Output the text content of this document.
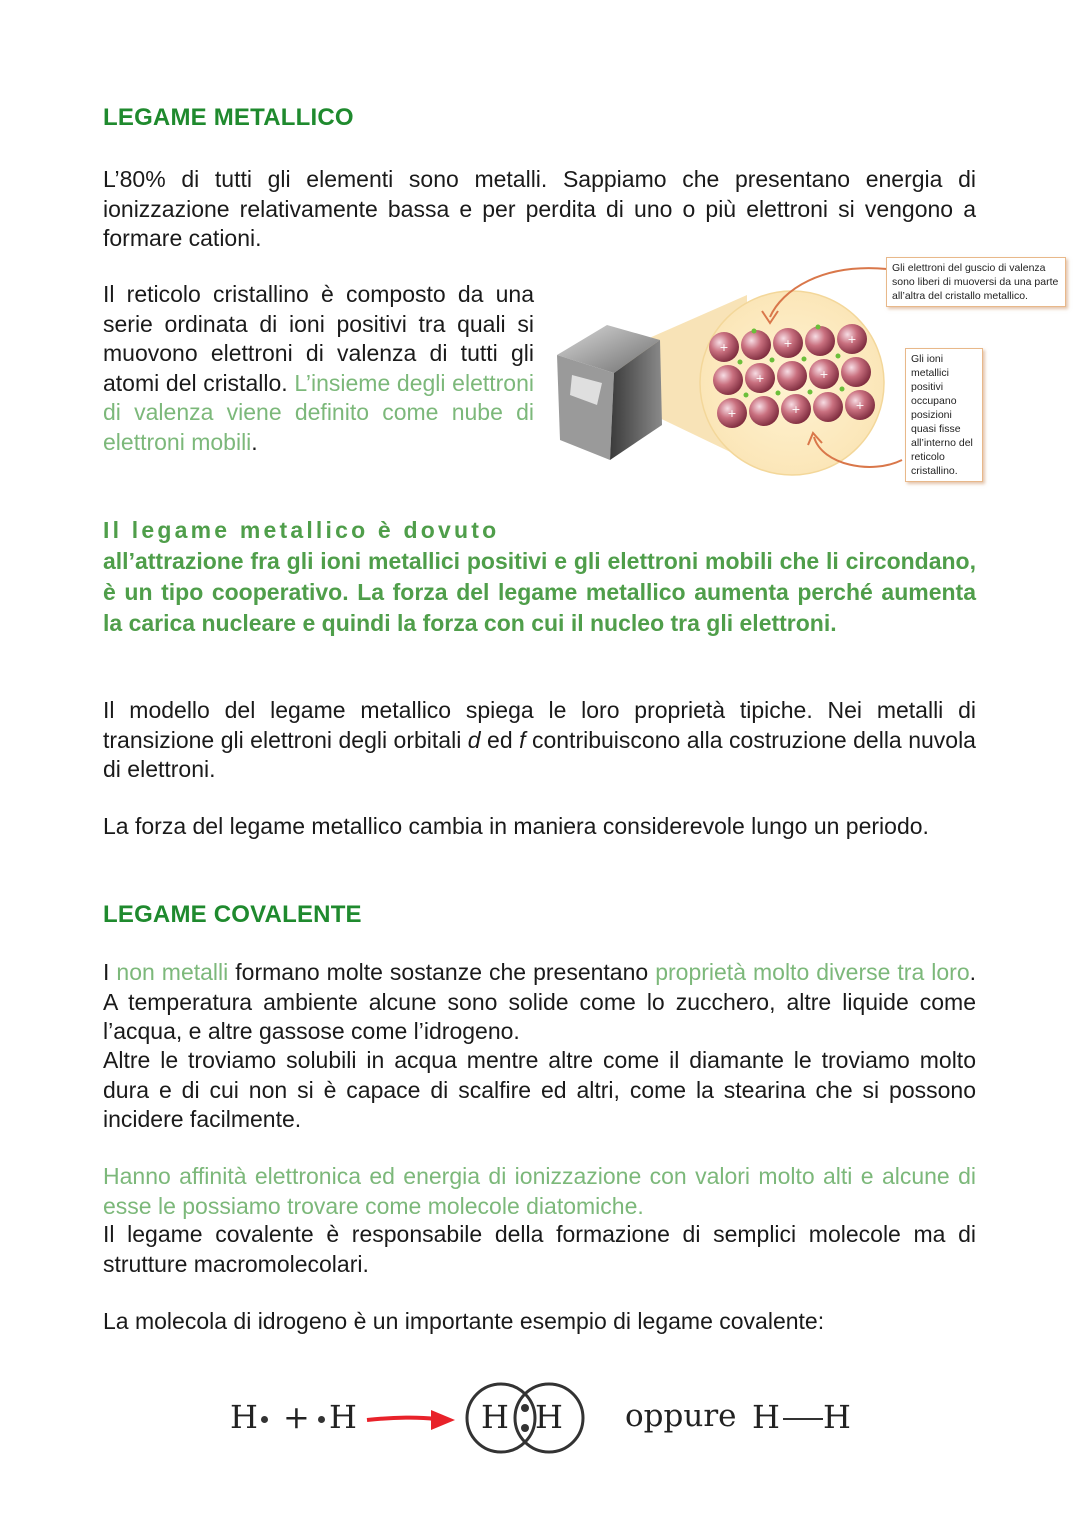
LEGAME METALLICO

L’80% di tutti gli elementi sono metalli. Sappiamo che presentano energia di ionizzazione relativamente bassa e per perdita di uno o più elettroni si vengono a formare cationi.

Il reticolo cristallino è composto da una serie ordinata di ioni positivi tra quali si muovono elettroni di valenza di tutti gli atomi del cristallo. L’insieme degli elettroni di valenza viene definito come nube di elettroni mobili.

+	+	+
+	+
+	+	+
Gli elettroni del guscio di valenza sono liberi di muoversi da una parte all’altra del cristallo metallico.
Gli ioni metallici positivi occupano posizioni quasi fisse all’interno del reticolo cristallino.

Il legame metallico è dovuto
all’attrazione fra gli ioni metallici positivi e gli elettroni mobili che li circondano, è un tipo cooperativo. La forza del legame metallico aumenta perché aumenta la carica nucleare e quindi la forza con cui il nucleo tra gli elettroni.

Il modello del legame metallico spiega le loro proprietà tipiche. Nei metalli di transizione gli elettroni degli orbitali d ed f contribuiscono alla costruzione della nuvola di elettroni.

La forza del legame metallico cambia in maniera considerevole lungo un periodo.

LEGAME COVALENTE

I non metalli formano molte sostanze che presentano proprietà molto diverse tra loro. A temperatura ambiente alcune sono solide come lo zucchero, altre liquide come l’acqua, e altre gassose come l’idrogeno.

Altre le troviamo solubili in acqua mentre altre come il diamante le troviamo molto dura e di cui non si è capace di scalfire ed altri, come la stearina che si possono incidere facilmente.

Hanno affinità elettronica ed energia di ionizzazione con valori molto alti e alcune di esse le possiamo trovare come molecole diatomiche.

Il legame covalente è responsabile della formazione di semplici molecole ma di strutture macromolecolari.

La molecola di idrogeno è un importante esempio di legame covalente:

H + H	H H oppure H H
